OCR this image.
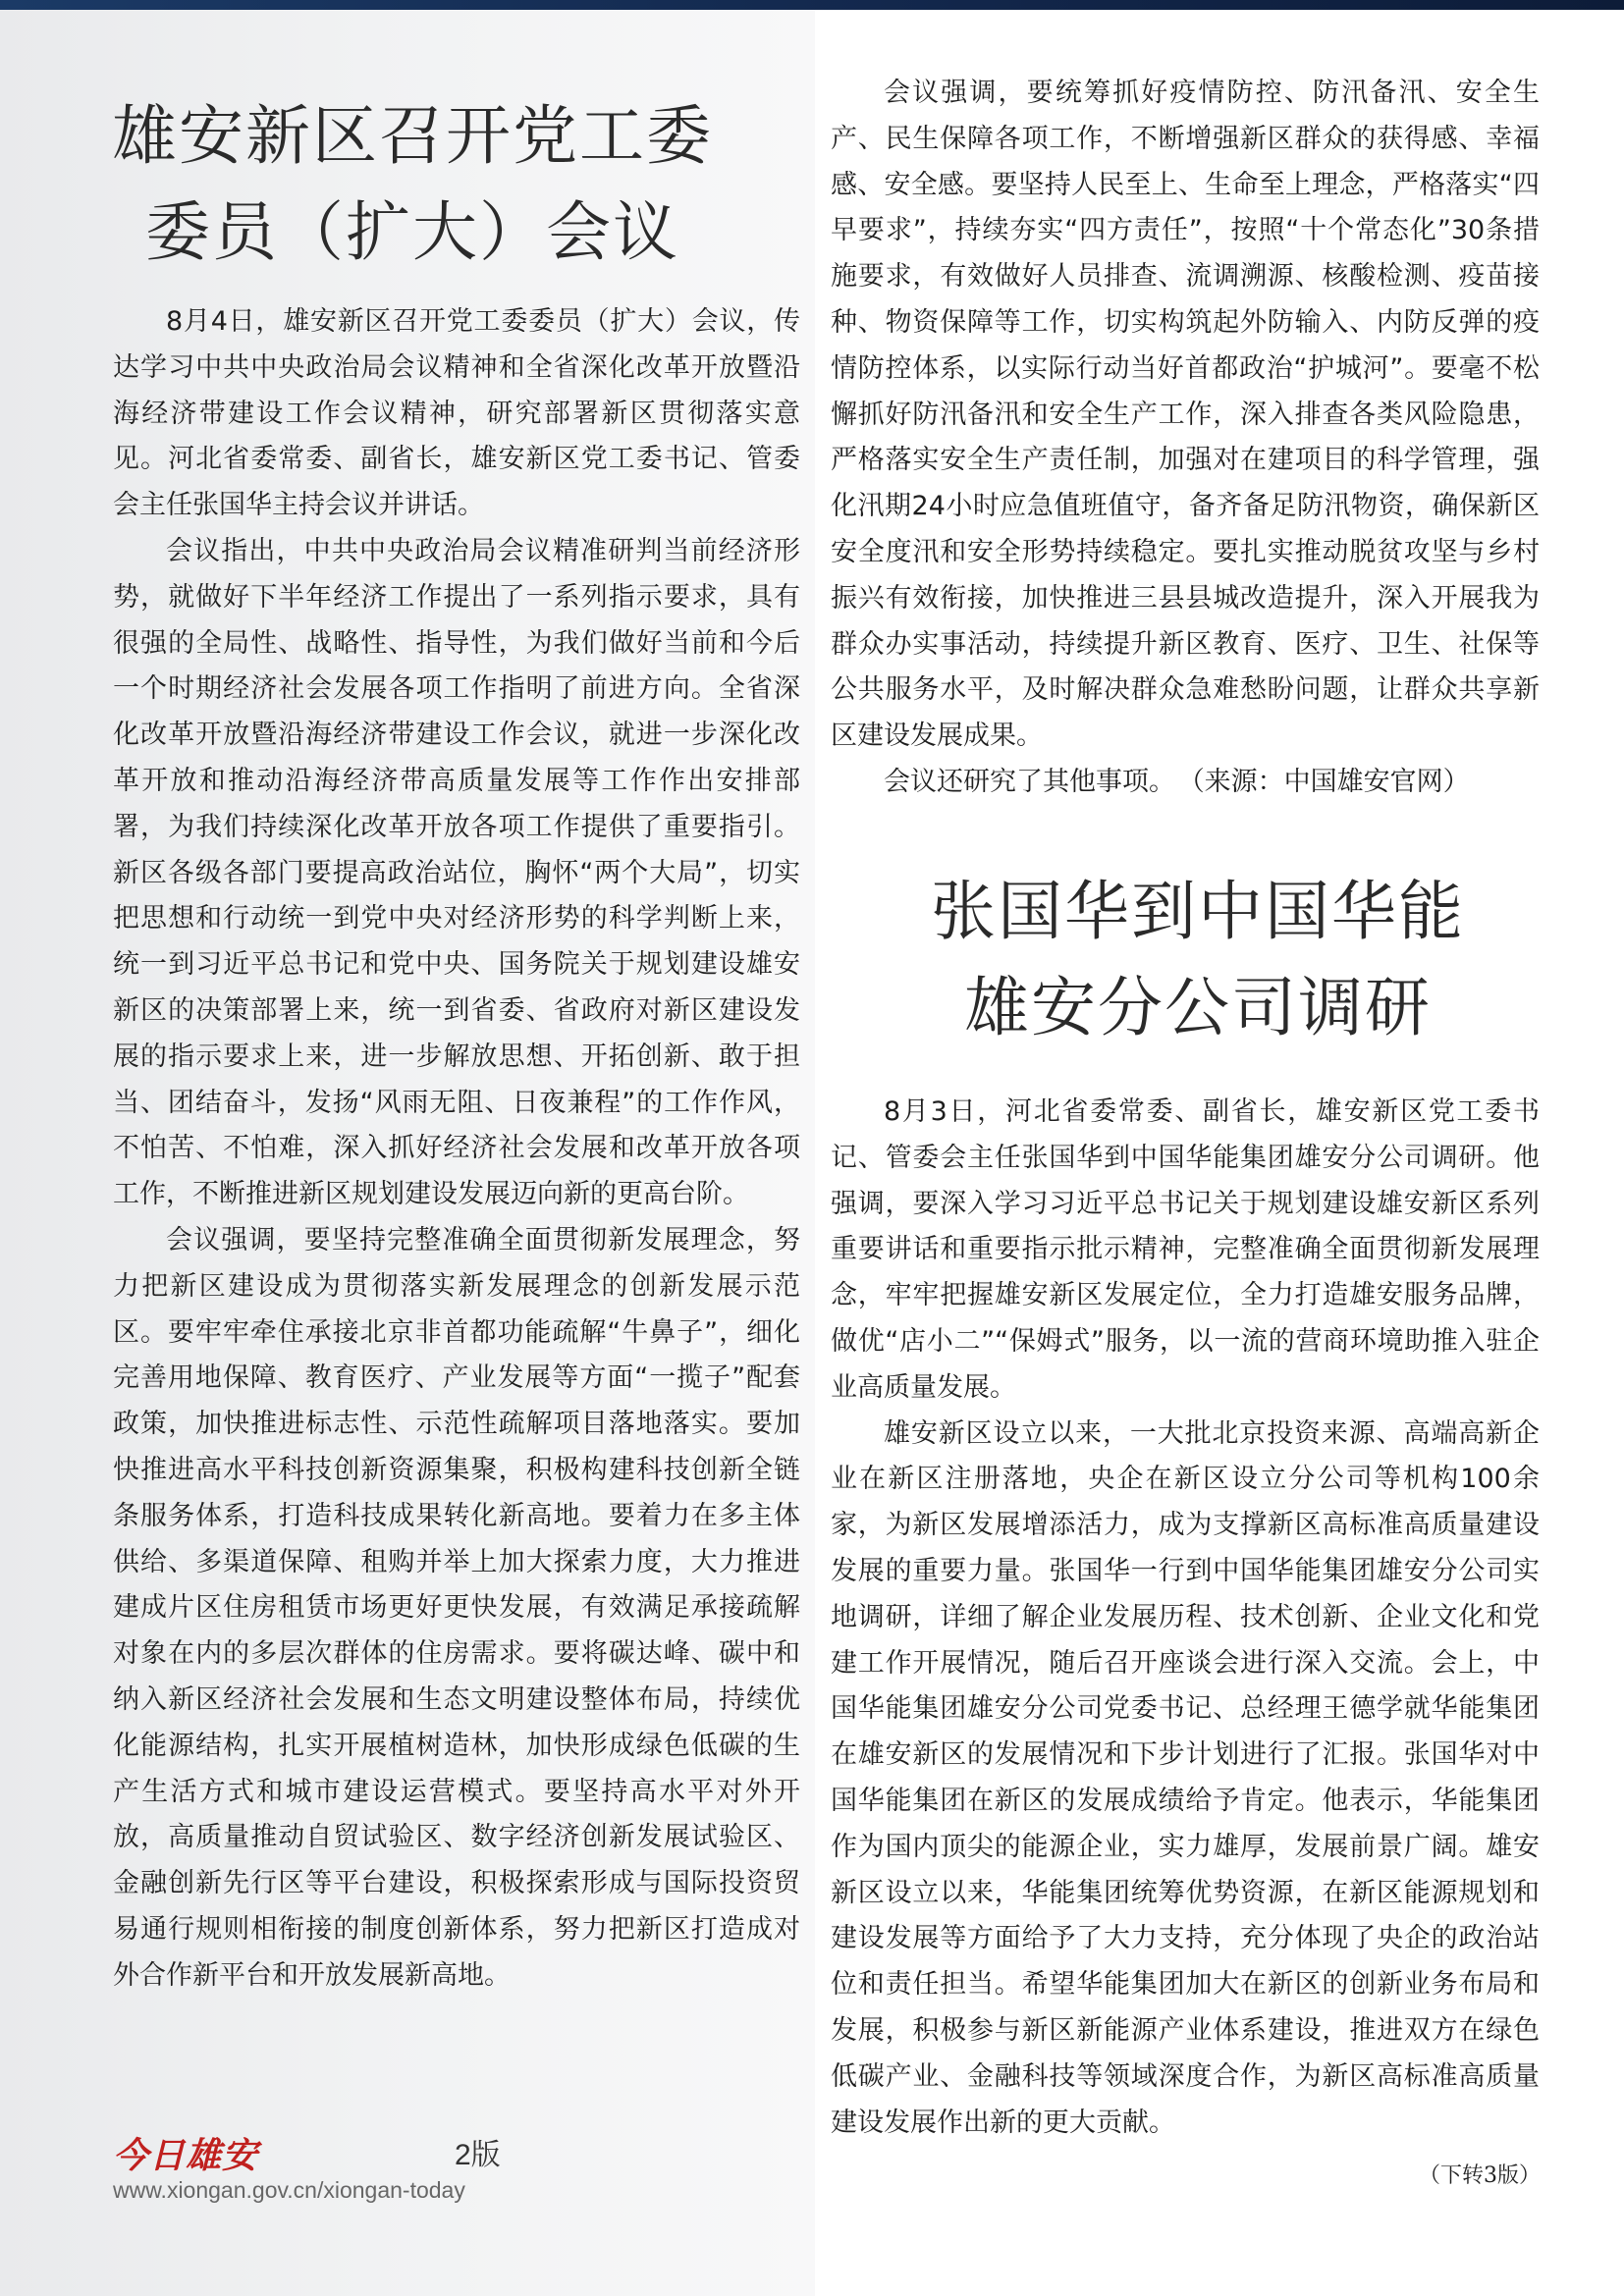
雄安新区召开党工委
委员（扩大）会议

8月4日，雄安新区召开党工委委员（扩大）会议，传达学习中共中央政治局会议精神和全省深化改革开放暨沿海经济带建设工作会议精神，研究部署新区贯彻落实意见。河北省委常委、副省长，雄安新区党工委书记、管委会主任张国华主持会议并讲话。

会议指出，中共中央政治局会议精准研判当前经济形势，就做好下半年经济工作提出了一系列指示要求，具有很强的全局性、战略性、指导性，为我们做好当前和今后一个时期经济社会发展各项工作指明了前进方向。全省深化改革开放暨沿海经济带建设工作会议，就进一步深化改革开放和推动沿海经济带高质量发展等工作作出安排部署，为我们持续深化改革开放各项工作提供了重要指引。新区各级各部门要提高政治站位，胸怀“两个大局”，切实把思想和行动统一到党中央对经济形势的科学判断上来，统一到习近平总书记和党中央、国务院关于规划建设雄安新区的决策部署上来，统一到省委、省政府对新区建设发展的指示要求上来，进一步解放思想、开拓创新、敢于担当、团结奋斗，发扬“风雨无阻、日夜兼程”的工作作风，不怕苦、不怕难，深入抓好经济社会发展和改革开放各项工作，不断推进新区规划建设发展迈向新的更高台阶。

会议强调，要坚持完整准确全面贯彻新发展理念，努力把新区建设成为贯彻落实新发展理念的创新发展示范区。要牢牢牵住承接北京非首都功能疏解“牛鼻子”，细化完善用地保障、教育医疗、产业发展等方面“一揽子”配套政策，加快推进标志性、示范性疏解项目落地落实。要加快推进高水平科技创新资源集聚，积极构建科技创新全链条服务体系，打造科技成果转化新高地。要着力在多主体供给、多渠道保障、租购并举上加大探索力度，大力推进建成片区住房租赁市场更好更快发展，有效满足承接疏解对象在内的多层次群体的住房需求。要将碳达峰、碳中和纳入新区经济社会发展和生态文明建设整体布局，持续优化能源结构，扎实开展植树造林，加快形成绿色低碳的生产生活方式和城市建设运营模式。要坚持高水平对外开放，高质量推动自贸试验区、数字经济创新发展试验区、金融创新先行区等平台建设，积极探索形成与国际投资贸易通行规则相衔接的制度创新体系，努力把新区打造成对外合作新平台和开放发展新高地。

今日雄安	2版
www.xiongan.gov.cn/xiongan-today

会议强调，要统筹抓好疫情防控、防汛备汛、安全生产、民生保障各项工作，不断增强新区群众的获得感、幸福感、安全感。要坚持人民至上、生命至上理念，严格落实“四早要求”，持续夯实“四方责任”，按照“十个常态化”30条措施要求，有效做好人员排查、流调溯源、核酸检测、疫苗接种、物资保障等工作，切实构筑起外防输入、内防反弹的疫情防控体系，以实际行动当好首都政治“护城河”。要毫不松懈抓好防汛备汛和安全生产工作，深入排查各类风险隐患，严格落实安全生产责任制，加强对在建项目的科学管理，强化汛期24小时应急值班值守，备齐备足防汛物资，确保新区安全度汛和安全形势持续稳定。要扎实推动脱贫攻坚与乡村振兴有效衔接，加快推进三县县城改造提升，深入开展我为群众办实事活动，持续提升新区教育、医疗、卫生、社保等公共服务水平，及时解决群众急难愁盼问题，让群众共享新区建设发展成果。

会议还研究了其他事项。 （来源：中国雄安官网）

张国华到中国华能
雄安分公司调研

8月3日，河北省委常委、副省长，雄安新区党工委书记、管委会主任张国华到中国华能集团雄安分公司调研。他强调，要深入学习习近平总书记关于规划建设雄安新区系列重要讲话和重要指示批示精神，完整准确全面贯彻新发展理念，牢牢把握雄安新区发展定位，全力打造雄安服务品牌，做优“店小二”“保姆式”服务，以一流的营商环境助推入驻企业高质量发展。

雄安新区设立以来，一大批北京投资来源、高端高新企业在新区注册落地，央企在新区设立分公司等机构100余家，为新区发展增添活力，成为支撑新区高标准高质量建设发展的重要力量。张国华一行到中国华能集团雄安分公司实地调研，详细了解企业发展历程、技术创新、企业文化和党建工作开展情况，随后召开座谈会进行深入交流。会上，中国华能集团雄安分公司党委书记、总经理王德学就华能集团在雄安新区的发展情况和下步计划进行了汇报。张国华对中国华能集团在新区的发展成绩给予肯定。他表示，华能集团作为国内顶尖的能源企业，实力雄厚，发展前景广阔。雄安新区设立以来，华能集团统筹优势资源，在新区能源规划和建设发展等方面给予了大力支持，充分体现了央企的政治站位和责任担当。希望华能集团加大在新区的创新业务布局和发展，积极参与新区新能源产业体系建设，推进双方在绿色低碳产业、金融科技等领域深度合作，为新区高标准高质量建设发展作出新的更大贡献。

（下转3版）
